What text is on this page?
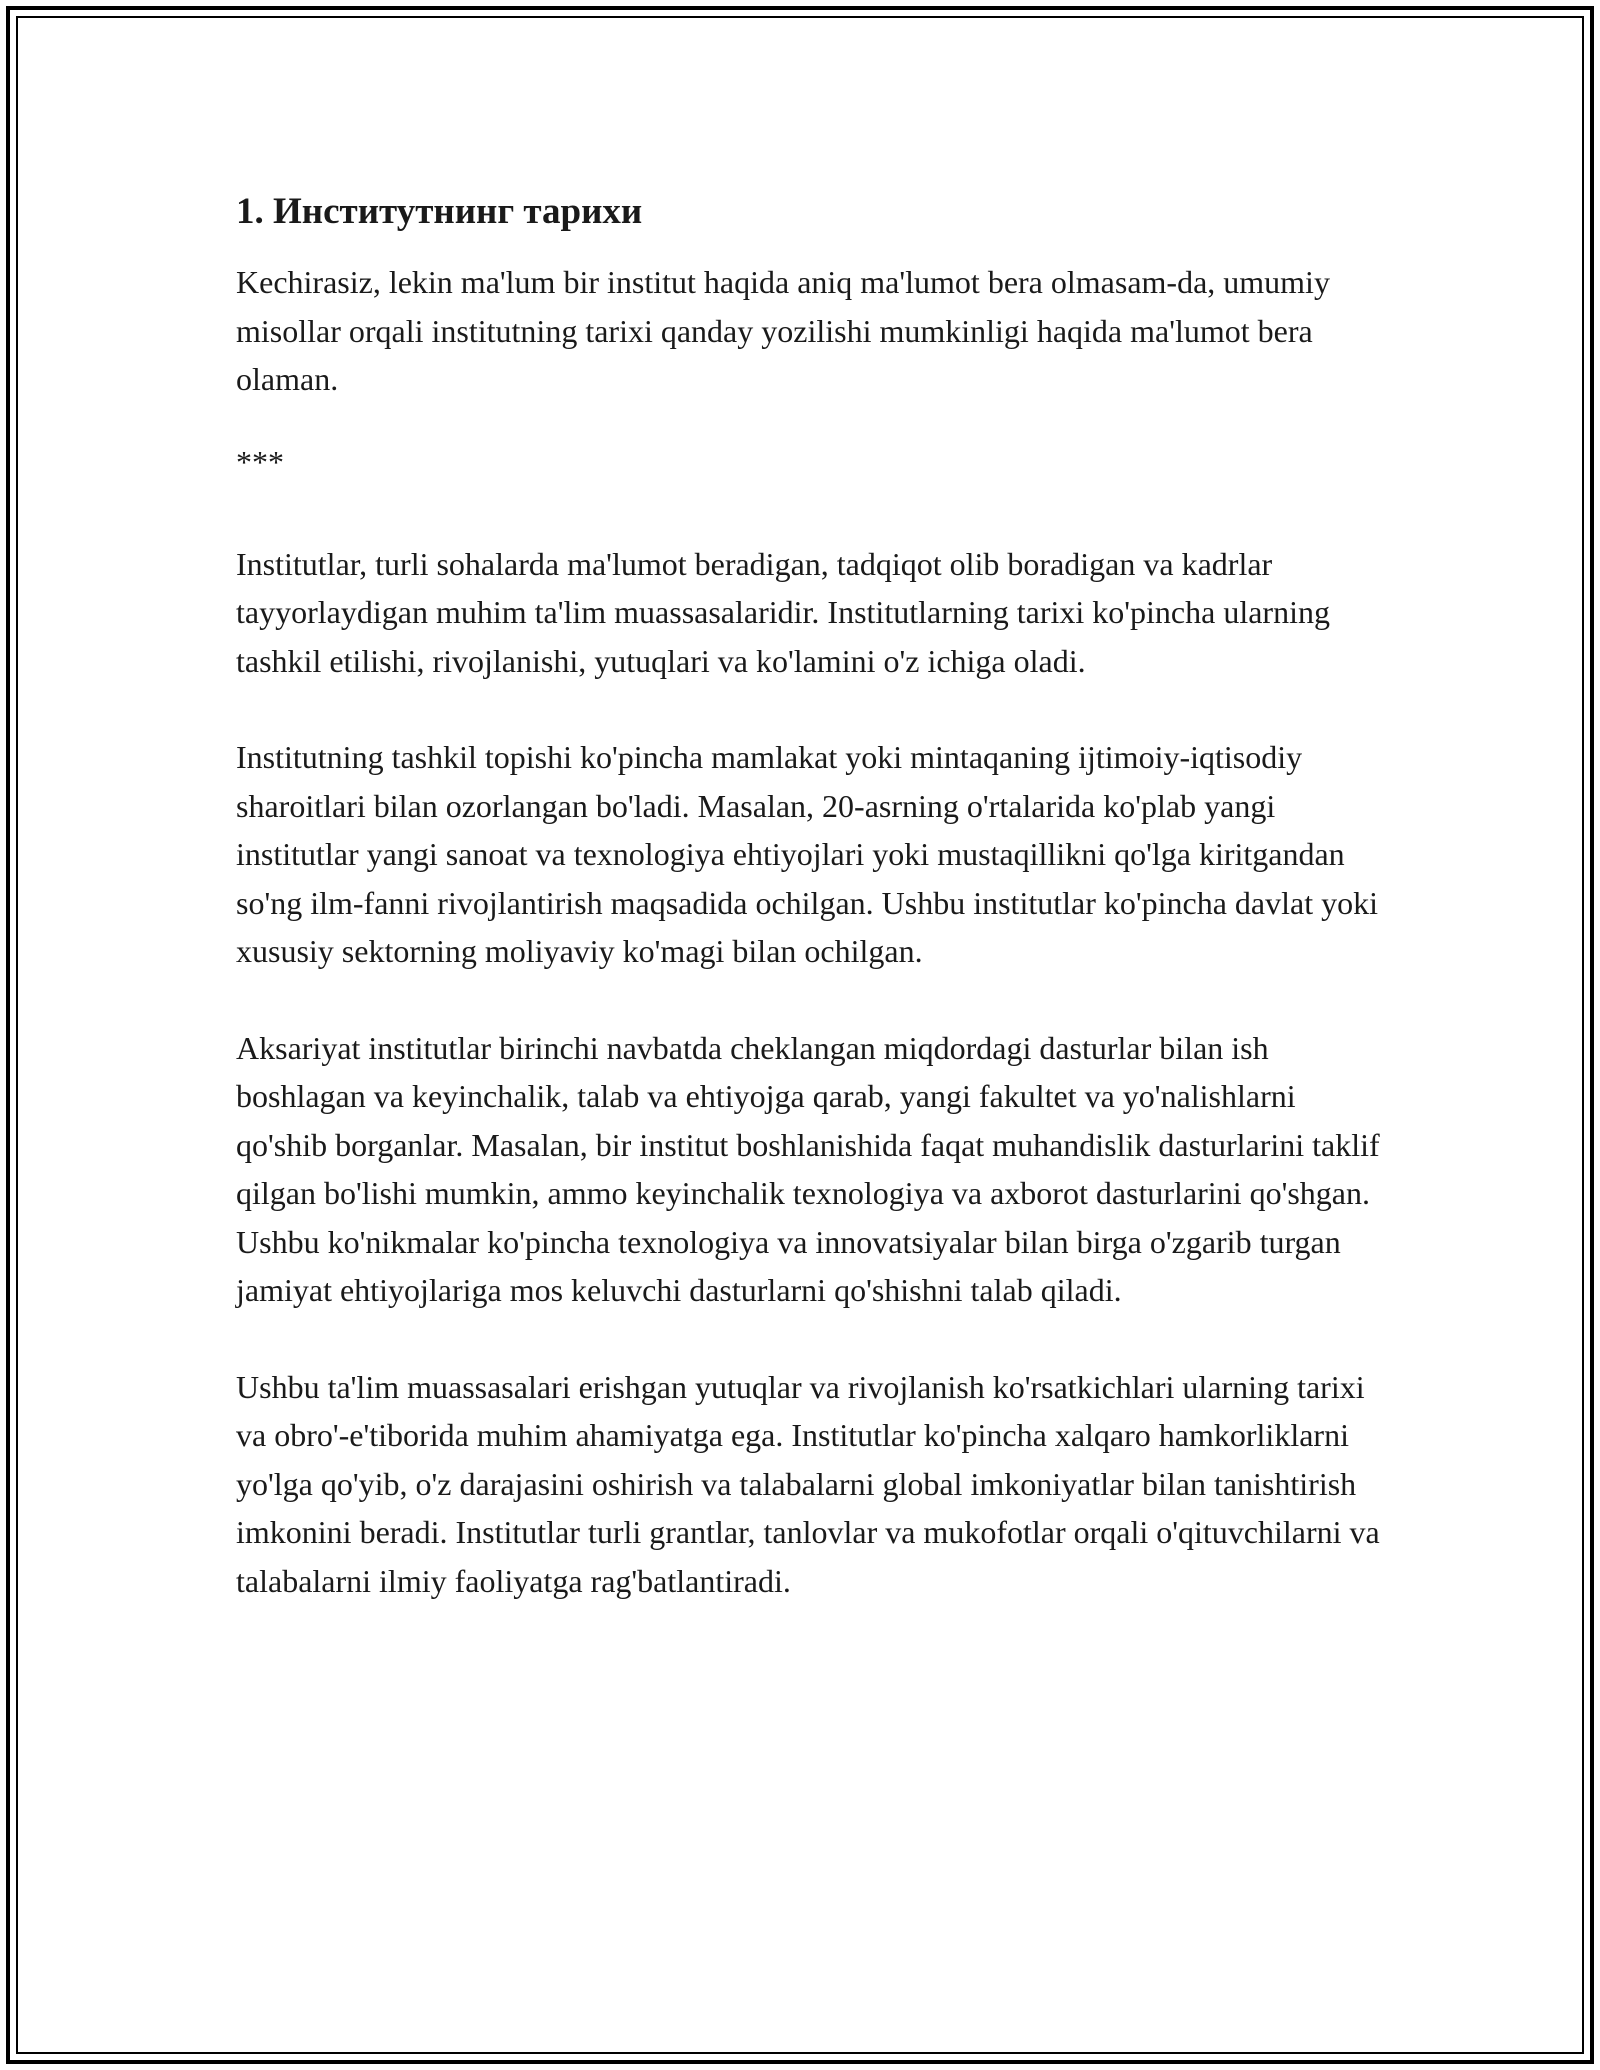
1. Институтнинг тарихи

Kechirasiz, lekin ma'lum bir institut haqida aniq ma'lumot bera olmasam-da, umumiy misollar orqali institutning tarixi qanday yozilishi mumkinligi haqida ma'lumot bera olaman.

***

Institutlar, turli sohalarda ma'lumot beradigan, tadqiqot olib boradigan va kadrlar tayyorlaydigan muhim ta'lim muassasalaridir. Institutlarning tarixi ko'pincha ularning tashkil etilishi, rivojlanishi, yutuqlari va ko'lamini o'z ichiga oladi.

Institutning tashkil topishi ko'pincha mamlakat yoki mintaqaning ijtimoiy-iqtisodiy sharoitlari bilan ozorlangan bo'ladi. Masalan, 20-asrning o'rtalarida ko'plab yangi institutlar yangi sanoat va texnologiya ehtiyojlari yoki mustaqillikni qo'lga kiritgandan so'ng ilm-fanni rivojlantirish maqsadida ochilgan. Ushbu institutlar ko'pincha davlat yoki xususiy sektorning moliyaviy ko'magi bilan ochilgan.

Aksariyat institutlar birinchi navbatda cheklangan miqdordagi dasturlar bilan ish boshlagan va keyinchalik, talab va ehtiyojga qarab, yangi fakultet va yo'nalishlarni qo'shib borganlar. Masalan, bir institut boshlanishida faqat muhandislik dasturlarini taklif qilgan bo'lishi mumkin, ammo keyinchalik texnologiya va axborot dasturlarini qo'shgan. Ushbu ko'nikmalar ko'pincha texnologiya va innovatsiyalar bilan birga o'zgarib turgan jamiyat ehtiyojlariga mos keluvchi dasturlarni qo'shishni talab qiladi.

Ushbu ta'lim muassasalari erishgan yutuqlar va rivojlanish ko'rsatkichlari ularning tarixi va obro'-e'tiborida muhim ahamiyatga ega. Institutlar ko'pincha xalqaro hamkorliklarni yo'lga qo'yib, o'z darajasini oshirish va talabalarni global imkoniyatlar bilan tanishtirish imkonini beradi. Institutlar turli grantlar, tanlovlar va mukofotlar orqali o'qituvchilarni va talabalarni ilmiy faoliyatga rag'batlantiradi.
